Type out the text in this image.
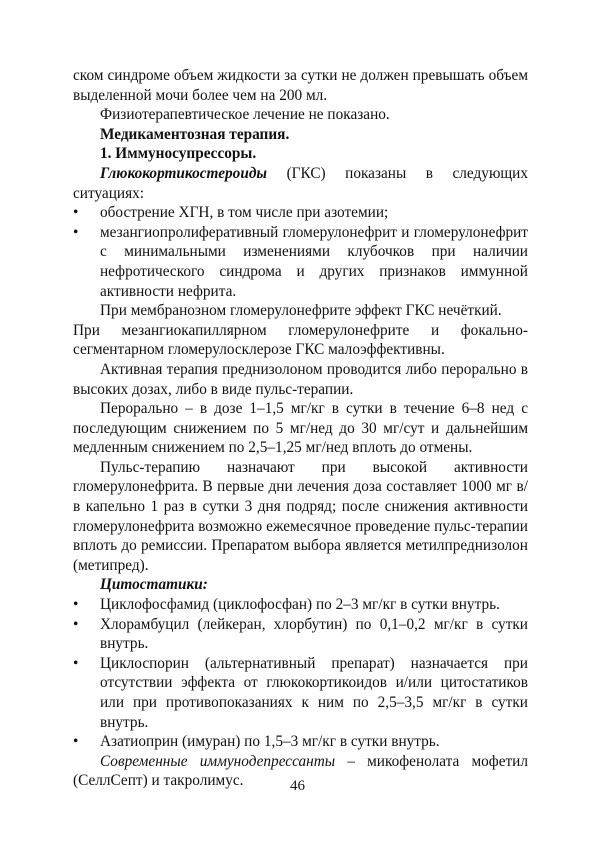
ском синдроме объем жидкости за сутки не должен превышать объем выделенной мочи более чем на 200 мл.

Физиотерапевтическое лечение не показано.

Медикаментозная терапия.

1. Иммуносупрессоры.

Глюкокортикостероиды (ГКС) показаны в следующих ситуациях:

• обострение ХГН, в том числе при азотемии;
• мезангиопролиферативный гломерулонефрит и гломерулонефрит с минимальными изменениями клубочков при наличии нефротического синдрома и других признаков иммунной активности нефрита.

При мембранозном гломерулонефрите эффект ГКС нечёткий.

При мезангиокапиллярном гломерулонефрите и фокально-сегментарном гломерулосклерозе ГКС малоэффективны.

Активная терапия преднизолоном проводится либо перорально в высоких дозах, либо в виде пульс-терапии.

Перорально – в дозе 1–1,5 мг/кг в сутки в течение 6–8 нед с последующим снижением по 5 мг/нед до 30 мг/сут и дальнейшим медленным снижением по 2,5–1,25 мг/нед вплоть до отмены.

Пульс-терапию назначают при высокой активности гломерулонефрита. В первые дни лечения доза составляет 1000 мг в/в капельно 1 раз в сутки 3 дня подряд; после снижения активности гломерулонефрита возможно ежемесячное проведение пульс-терапии вплоть до ремиссии. Препаратом выбора является метилпреднизолон (метипред).

Цитостатики:

• Циклофосфамид (циклофосфан) по 2–3 мг/кг в сутки внутрь.
• Хлорамбуцил (лейкеран, хлорбутин) по 0,1–0,2 мг/кг в сутки внутрь.
• Циклоспорин (альтернативный препарат) назначается при отсутствии эффекта от глюкокортикоидов и/или цитостатиков или при противопоказаниях к ним по 2,5–3,5 мг/кг в сутки внутрь.
• Азатиоприн (имуран) по 1,5–3 мг/кг в сутки внутрь.

Современные иммунодепрессанты – микофенолата мофетил (СеллСепт) и такролимус.	46
